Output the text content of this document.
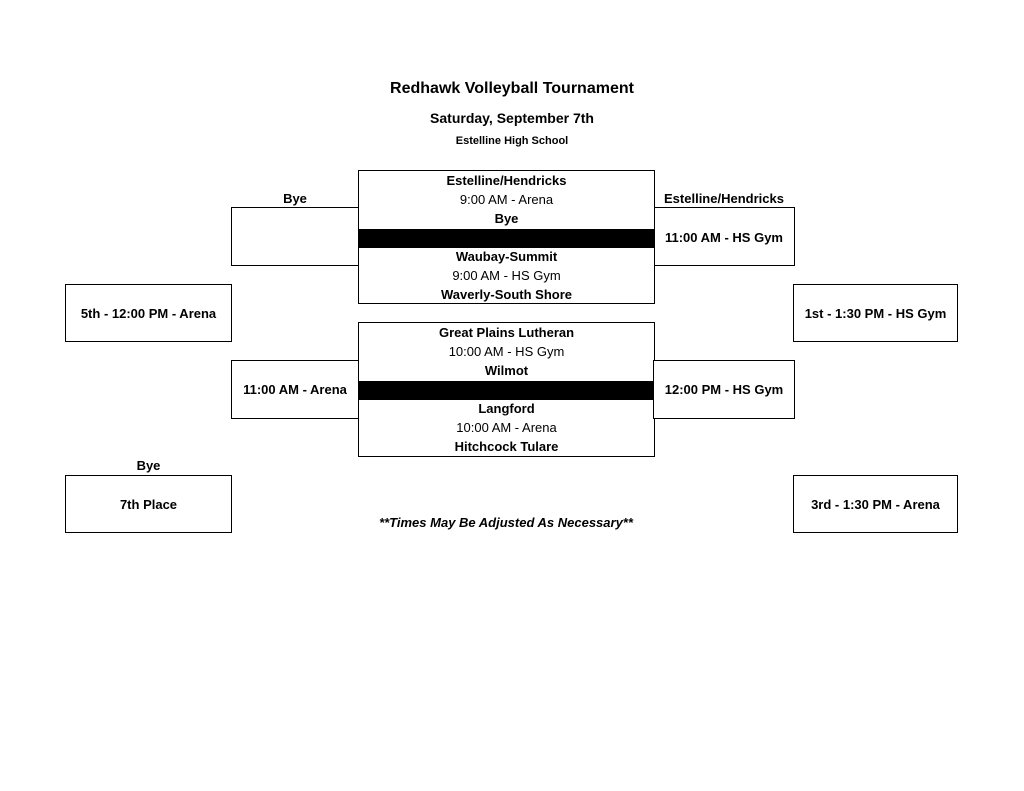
Redhawk Volleyball Tournament
Saturday, September 7th
Estelline High School
Bye	Estelline/Hendricks
11:00 AM - HS Gym
Estelline/Hendricks
9:00 AM - Arena
Bye
Waubay-Summit
9:00 AM - HS Gym
Waverly-South Shore
5th - 12:00 PM - Arena	1st - 1:30 PM - HS Gym
Great Plains Lutheran
10:00 AM - HS Gym
Wilmot
Langford
10:00 AM - Arena
Hitchcock Tulare
11:00 AM - Arena	12:00 PM - HS Gym
Bye
7th Place	3rd - 1:30 PM - Arena
**Times May Be Adjusted As Necessary**
